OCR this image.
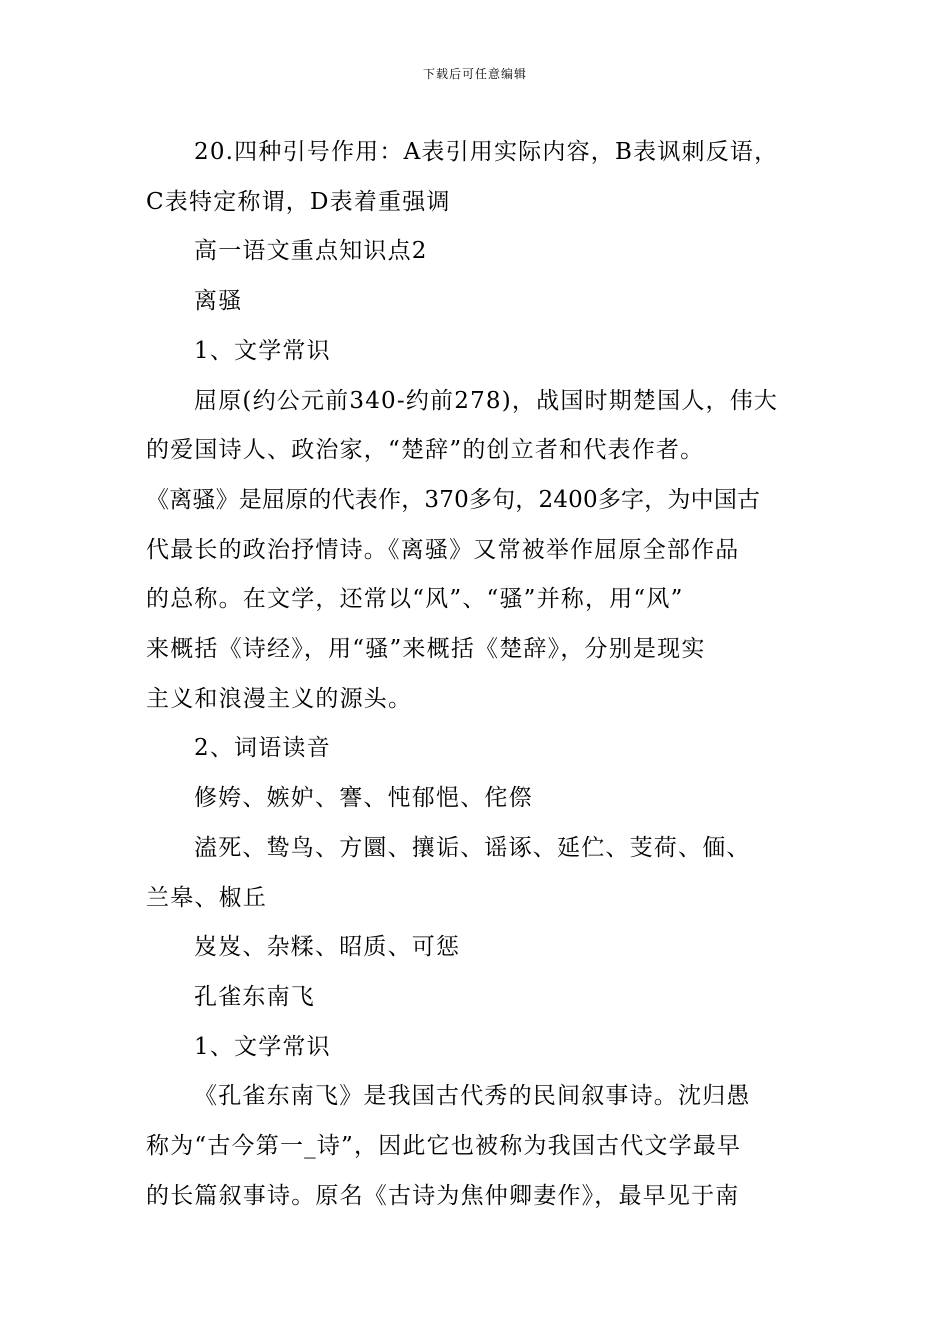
下载后可任意编辑

20.四种引号作用：A表引用实际内容，B表讽刺反语，

C表特定称谓，D表着重强调

高一语文重点知识点2

离骚

1、文学常识

屈原(约公元前340-约前278)，战国时期楚国人，伟大

的爱国诗人、政治家，“楚辞”的创立者和代表作者。

《离骚》是屈原的代表作，370多句，2400多字，为中国古

代最长的政治抒情诗。《离骚》又常被举作屈原全部作品

的总称。在文学，还常以“风”、“骚”并称，用“风”

来概括《诗经》，用“骚”来概括《楚辞》，分别是现实

主义和浪漫主义的源头。

2、词语读音

修姱、嫉妒、謇、忳郁悒、侘傺

溘死、鸷鸟、方圜、攘诟、谣诼、延伫、芰荷、偭、

兰皋、椒丘

岌岌、杂糅、昭质、可惩

孔雀东南飞

1、文学常识

《孔雀东南飞》是我国古代秀的民间叙事诗。沈归愚

称为“古今第一_诗”，因此它也被称为我国古代文学最早

的长篇叙事诗。原名《古诗为焦仲卿妻作》，最早见于南
